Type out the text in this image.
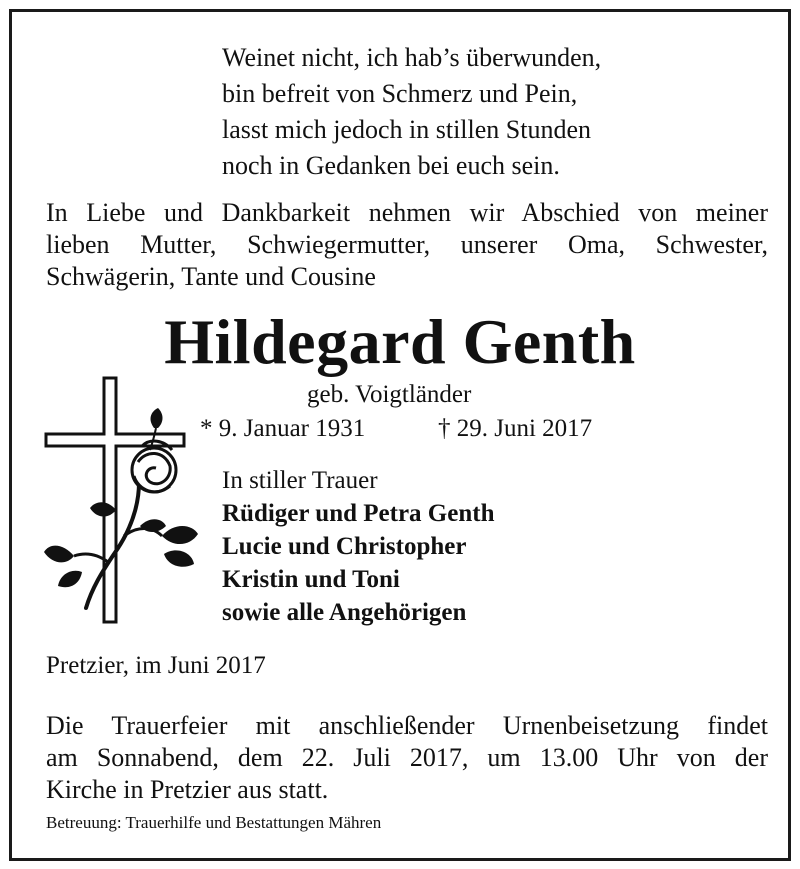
Weinet nicht, ich hab’s überwunden,
bin befreit von Schmerz und Pein,
lasst mich jedoch in stillen Stunden
noch in Gedanken bei euch sein.
In Liebe und Dankbarkeit nehmen wir Abschied von meiner
lieben Mutter, Schwiegermutter, unserer Oma, Schwester,
Schwägerin, Tante und Cousine
Hildegard Genth
geb. Voigtländer
* 9. Januar 1931	† 29. Juni 2017
In stiller Trauer
Rüdiger und Petra Genth
Lucie und Christopher
Kristin und Toni
sowie alle Angehörigen
Pretzier, im Juni 2017
Die Trauerfeier mit anschließender Urnenbeisetzung findet
am Sonnabend, dem 22. Juli 2017, um 13.00 Uhr von der
Kirche in Pretzier aus statt.
Betreuung: Trauerhilfe und Bestattungen Mähren
